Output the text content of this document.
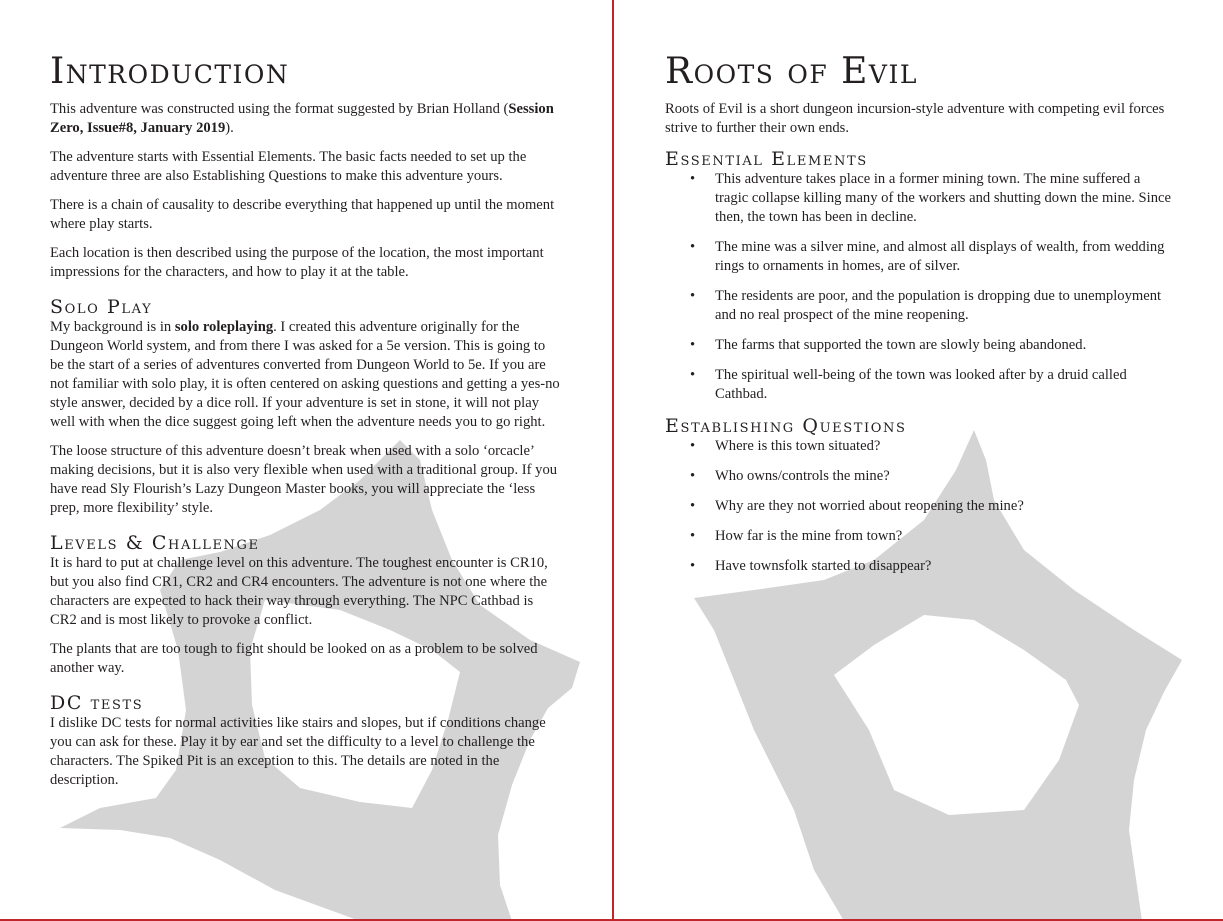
Introduction

This adventure was constructed using the format suggested by Brian Holland (Session Zero, Issue#8, January 2019).

The adventure starts with Essential Elements. The basic facts needed to set up the adventure three are also Establishing Questions to make this adventure yours.

There is a chain of causality to describe everything that happened up until the moment where play starts.

Each location is then described using the purpose of the location, the most important impressions for the characters, and how to play it at the table.

Solo Play

My background is in solo roleplaying. I created this adventure originally for the Dungeon World system, and from there I was asked for a 5e version. This is going to be the start of a series of adventures converted from Dungeon World to 5e. If you are not familiar with solo play, it is often centered on asking questions and getting a yes-no style answer, decided by a dice roll. If your adventure is set in stone, it will not play well with when the dice suggest going left when the adventure needs you to go right.

The loose structure of this adventure doesn’t break when used with a solo ‘orcacle’ making decisions, but it is also very flexible when used with a traditional group. If you have read Sly Flourish’s Lazy Dungeon Master books, you will appreciate the ‘less prep, more flexibility’ style.

Levels & Challenge

It is hard to put at challenge level on this adventure. The toughest encounter is CR10, but you also find CR1, CR2 and CR4 encounters. The adventure is not one where the characters are expected to hack their way through everything. The NPC Cathbad is CR2 and is most likely to provoke a conflict.

The plants that are too tough to fight should be looked on as a problem to be solved another way.

DC tests

I dislike DC tests for normal activities like stairs and slopes, but if conditions change you can ask for these. Play it by ear and set the difficulty to a level to challenge the characters. The Spiked Pit is an exception to this. The details are noted in the description.

Roots of Evil

Roots of Evil is a short dungeon incursion-style adventure with competing evil forces strive to further their own ends.

Essential Elements
• This adventure takes place in a former mining town. The mine suffered a tragic collapse killing many of the workers and shutting down the mine. Since then, the town has been in decline.
• The mine was a silver mine, and almost all displays of wealth, from wedding rings to ornaments in homes, are of silver.
• The residents are poor, and the population is dropping due to unemployment and no real prospect of the mine reopening.
• The farms that supported the town are slowly being abandoned.
• The spiritual well-being of the town was looked after by a druid called Cathbad.
Establishing Questions
• Where is this town situated?
• Who owns/controls the mine?
• Why are they not worried about reopening the mine?
• How far is the mine from town?
• Have townsfolk started to disappear?
